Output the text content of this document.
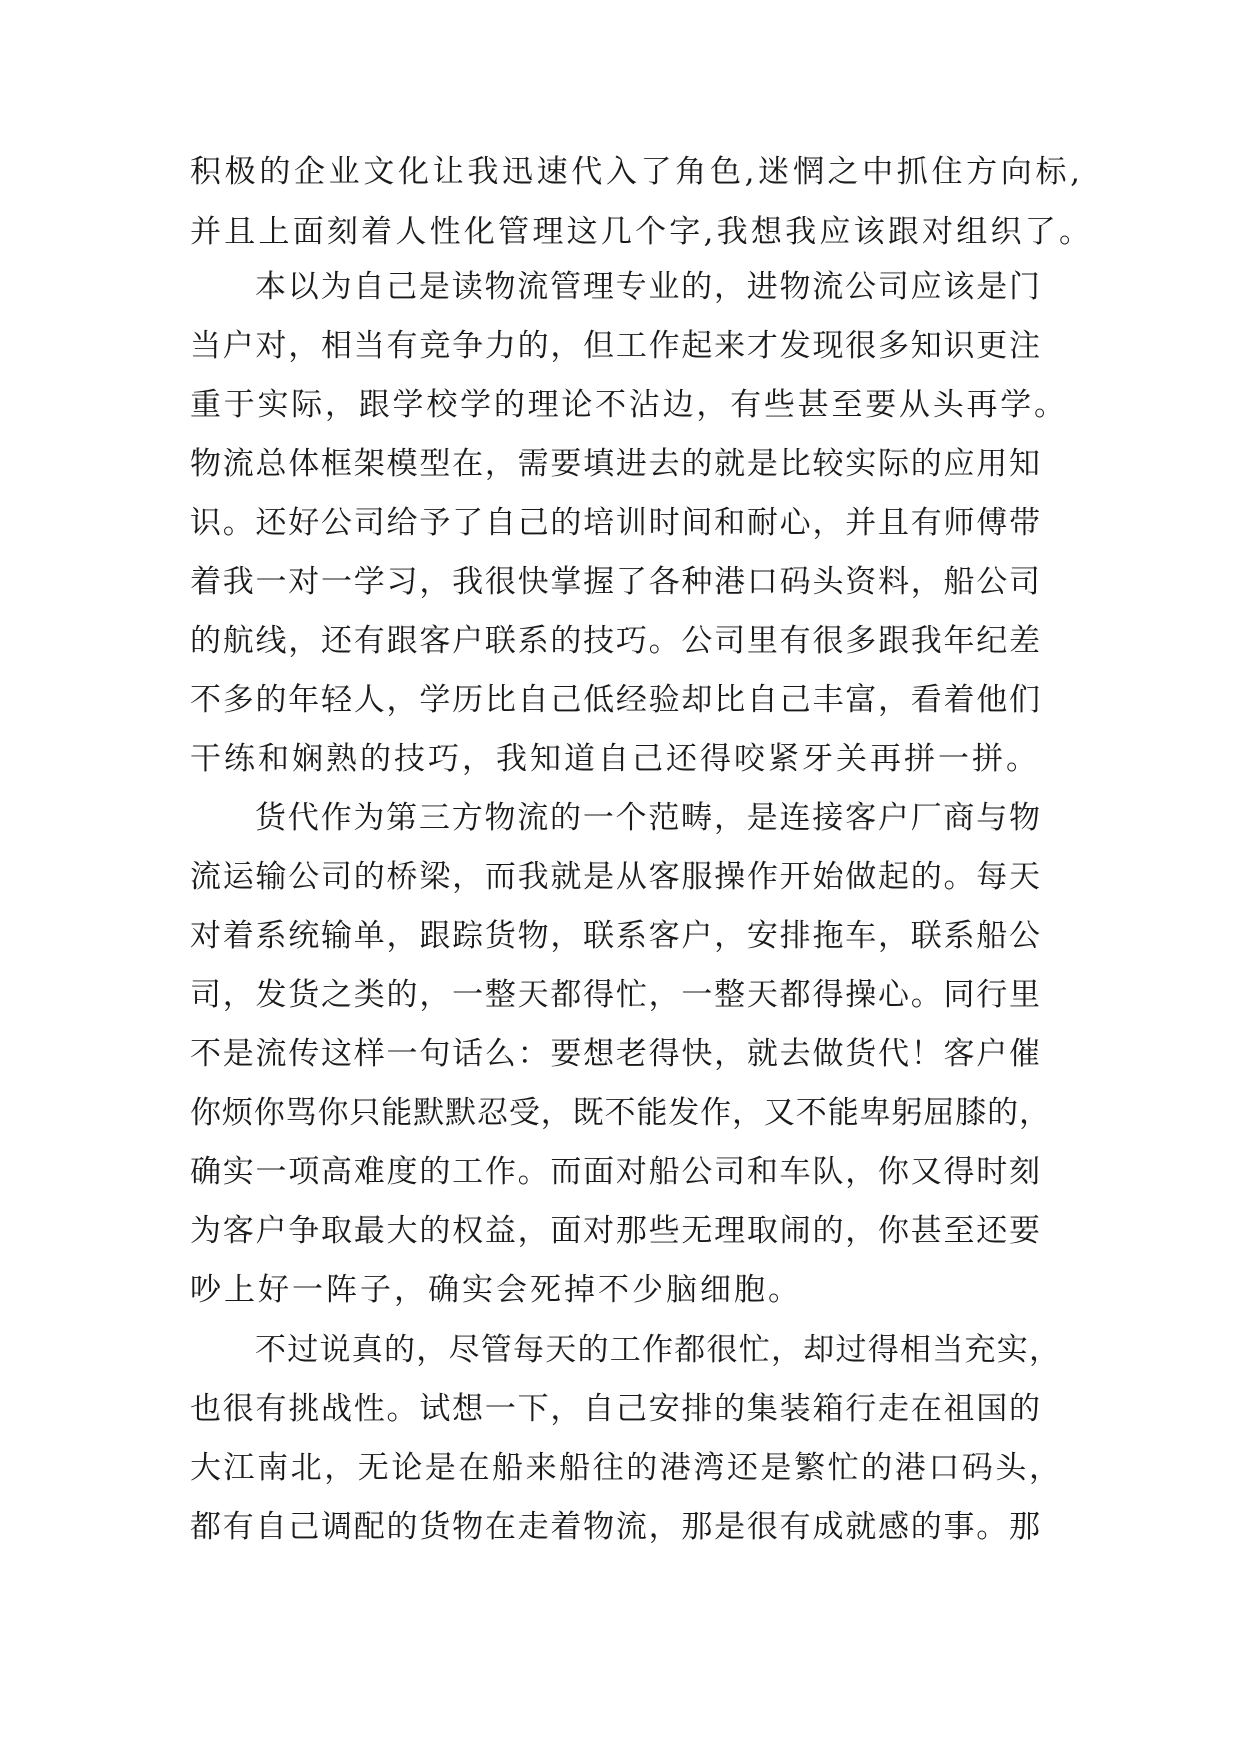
积极的企业文化让我迅速代入了角色,迷惘之中抓住方向标,
并且上面刻着人性化管理这几个字,我想我应该跟对组织了。
本以为自己是读物流管理专业的，进物流公司应该是门
当户对，相当有竞争力的，但工作起来才发现很多知识更注
重于实际，跟学校学的理论不沾边，有些甚至要从头再学。
物流总体框架模型在，需要填进去的就是比较实际的应用知
识。还好公司给予了自己的培训时间和耐心，并且有师傅带
着我一对一学习，我很快掌握了各种港口码头资料，船公司
的航线，还有跟客户联系的技巧。公司里有很多跟我年纪差
不多的年轻人，学历比自己低经验却比自己丰富，看着他们
干练和娴熟的技巧，我知道自己还得咬紧牙关再拼一拼。
货代作为第三方物流的一个范畴，是连接客户厂商与物
流运输公司的桥梁，而我就是从客服操作开始做起的。每天
对着系统输单，跟踪货物，联系客户，安排拖车，联系船公
司，发货之类的，一整天都得忙，一整天都得操心。同行里
不是流传这样一句话么：要想老得快，就去做货代！客户催
你烦你骂你只能默默忍受，既不能发作，又不能卑躬屈膝的，
确实一项高难度的工作。而面对船公司和车队，你又得时刻
为客户争取最大的权益，面对那些无理取闹的，你甚至还要
吵上好一阵子，确实会死掉不少脑细胞。
不过说真的，尽管每天的工作都很忙，却过得相当充实，
也很有挑战性。试想一下，自己安排的集装箱行走在祖国的
大江南北，无论是在船来船往的港湾还是繁忙的港口码头，
都有自己调配的货物在走着物流，那是很有成就感的事。那
